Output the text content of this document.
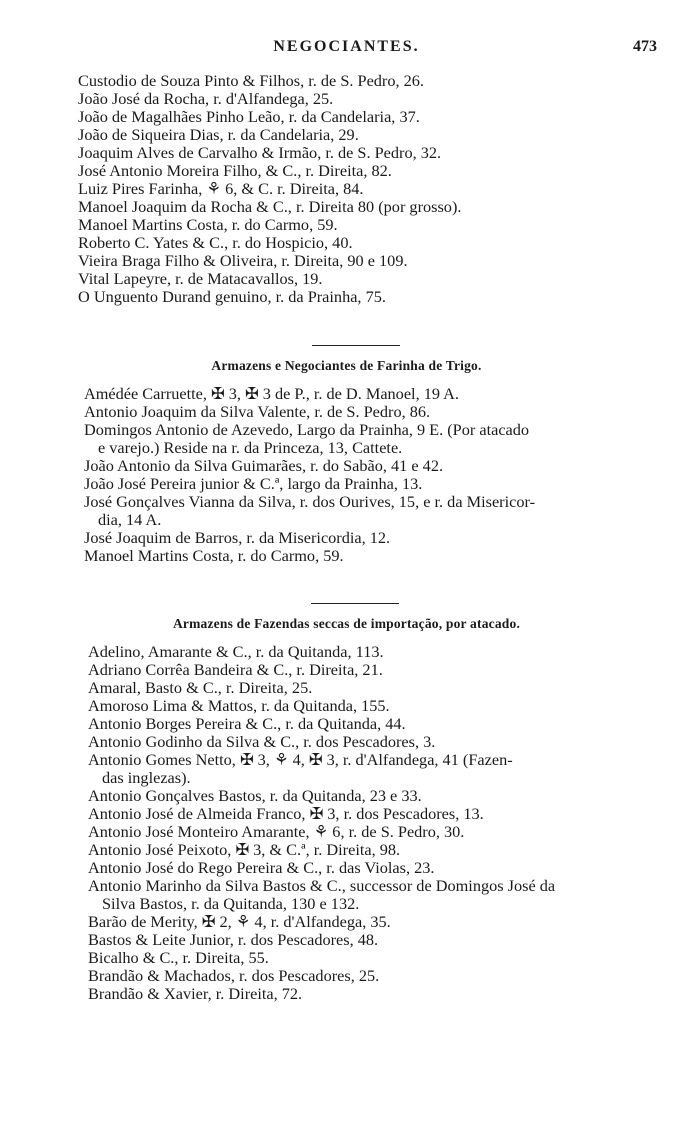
NEGOCIANTES.	473
Custodio de Souza Pinto & Filhos, r. de S. Pedro, 26.
João José da Rocha, r. d'Alfandega, 25.
João de Magalhães Pinho Leão, r. da Candelaria, 37.
João de Siqueira Dias, r. da Candelaria, 29.
Joaquim Alves de Carvalho & Irmão, r. de S. Pedro, 32.
José Antonio Moreira Filho, & C., r. Direita, 82.
Luiz Pires Farinha, ⚘ 6, & C. r. Direita, 84.
Manoel Joaquim da Rocha & C., r. Direita 80 (por grosso).
Manoel Martins Costa, r. do Carmo, 59.
Roberto C. Yates & C., r. do Hospicio, 40.
Vieira Braga Filho & Oliveira, r. Direita, 90 e 109.
Vital Lapeyre, r. de Matacavallos, 19.
O Unguento Durand genuino, r. da Prainha, 75.
Armazens e Negociantes de Farinha de Trigo.
Amédée Carruette, ✠ 3, ✠ 3 de P., r. de D. Manoel, 19 A.
Antonio Joaquim da Silva Valente, r. de S. Pedro, 86.
Domingos Antonio de Azevedo, Largo da Prainha, 9 E. (Por atacado
e varejo.) Reside na r. da Princeza, 13, Cattete.
João Antonio da Silva Guimarães, r. do Sabão, 41 e 42.
João José Pereira junior & C.ª, largo da Prainha, 13.
José Gonçalves Vianna da Silva, r. dos Ourives, 15, e r. da Misericor-
dia, 14 A.
José Joaquim de Barros, r. da Misericordia, 12.
Manoel Martins Costa, r. do Carmo, 59.
Armazens de Fazendas seccas de importação, por atacado.
Adelino, Amarante & C., r. da Quitanda, 113.
Adriano Corrêa Bandeira & C., r. Direita, 21.
Amaral, Basto & C., r. Direita, 25.
Amoroso Lima & Mattos, r. da Quitanda, 155.
Antonio Borges Pereira & C., r. da Quitanda, 44.
Antonio Godinho da Silva & C., r. dos Pescadores, 3.
Antonio Gomes Netto, ✠ 3, ⚘ 4, ✠ 3, r. d'Alfandega, 41 (Fazen-
das inglezas).
Antonio Gonçalves Bastos, r. da Quitanda, 23 e 33.
Antonio José de Almeida Franco, ✠ 3, r. dos Pescadores, 13.
Antonio José Monteiro Amarante, ⚘ 6, r. de S. Pedro, 30.
Antonio José Peixoto, ✠ 3, & C.ª, r. Direita, 98.
Antonio José do Rego Pereira & C., r. das Violas, 23.
Antonio Marinho da Silva Bastos & C., successor de Domingos José da
Silva Bastos, r. da Quitanda, 130 e 132.
Barão de Merity, ✠ 2, ⚘ 4, r. d'Alfandega, 35.
Bastos & Leite Junior, r. dos Pescadores, 48.
Bicalho & C., r. Direita, 55.
Brandão & Machados, r. dos Pescadores, 25.
Brandão & Xavier, r. Direita, 72.
